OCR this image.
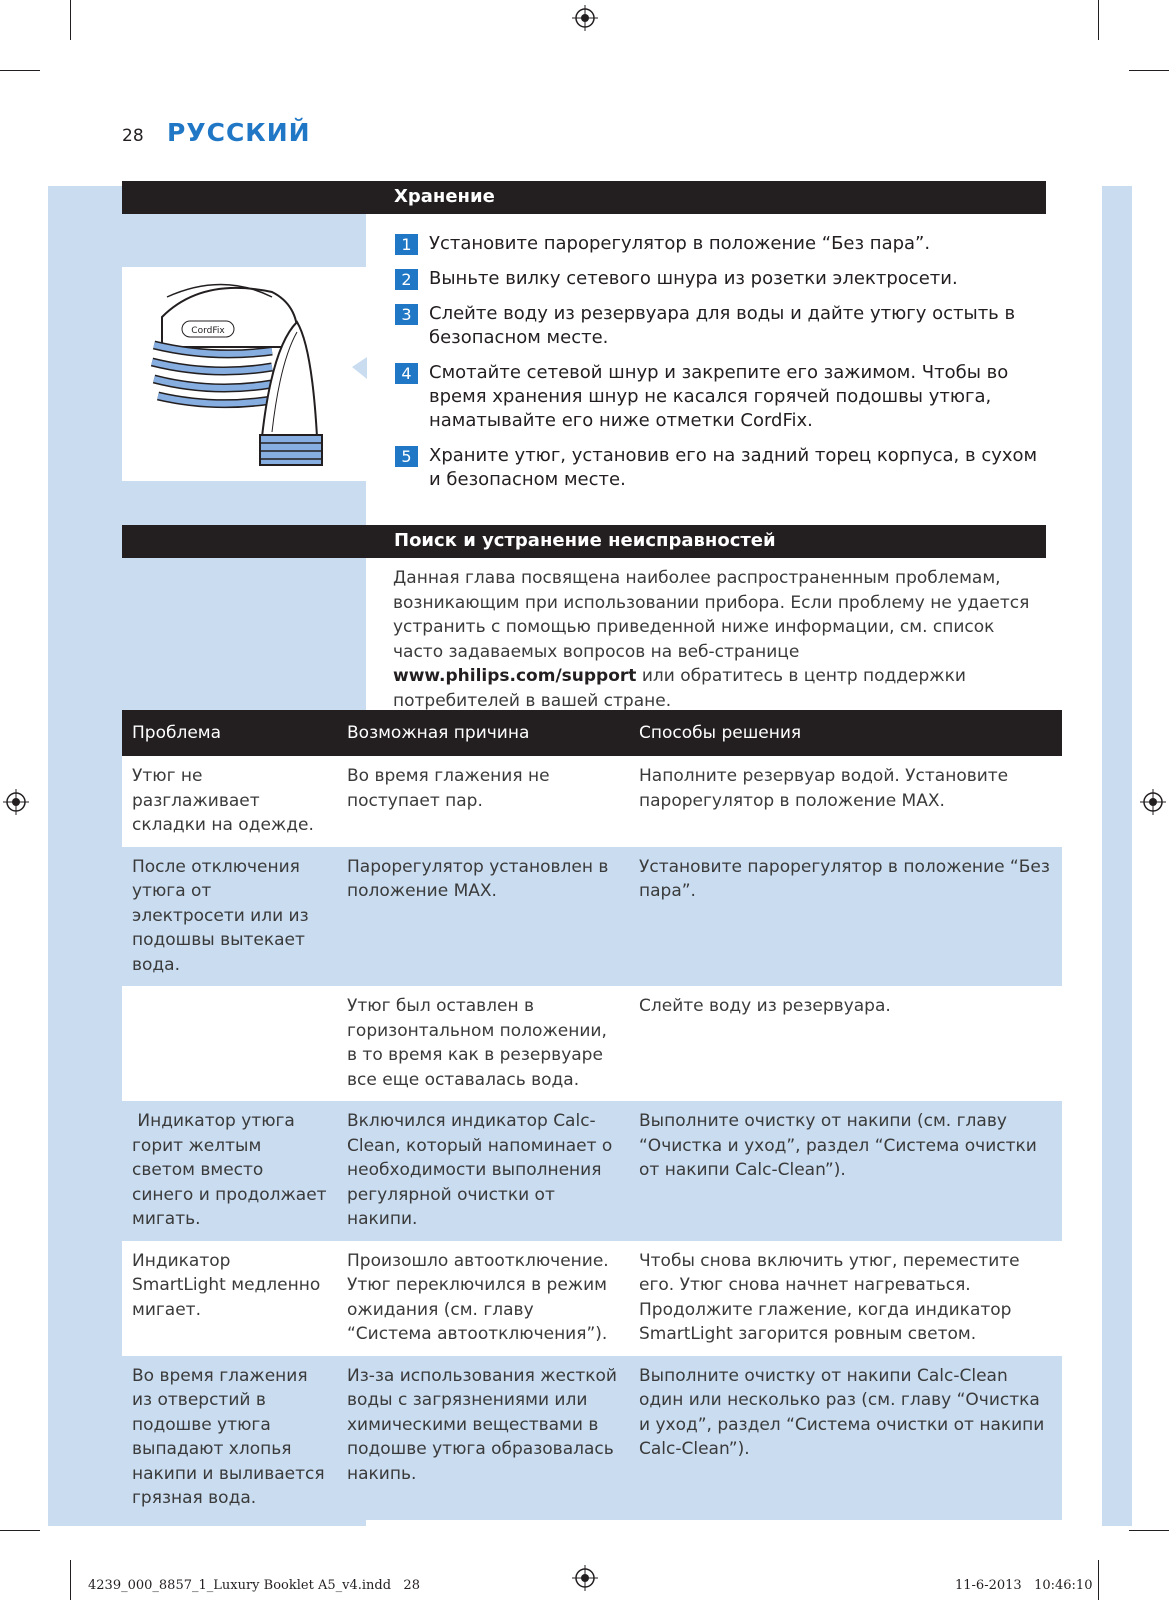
28 РУССКИЙ
Хранение
CordFix
1 Установите парорегулятор в положение “Без пара”.
2 Выньте вилку сетевого шнура из розетки электросети.
3 Слейте воду из резервуара для воды и дайте утюгу остыть в безопасном месте.
4 Смотайте сетевой шнур и закрепите его зажимом. Чтобы во время хранения шнур не касался горячей подошвы утюга, наматывайте его ниже отметки CordFix.
5 Храните утюг, установив его на задний торец корпуса, в сухом и безопасном месте.
Поиск и устранение неисправностей
Данная глава посвящена наиболее распространенным проблемам, возникающим при использовании прибора. Если проблему не удается устранить с помощью приведенной ниже информации, см. список часто задаваемых вопросов на веб-странице www.philips.com/support или обратитесь в центр поддержки потребителей в вашей стране.
Проблема	Возможная причина	Способы решения
Утюг не разглаживает складки на одежде.	Во время глажения не поступает пар.	Наполните резервуар водой. Установите парорегулятор в положение MAX.
После отключения утюга от электросети или из подошвы вытекает вода.	Парорегулятор установлен в положение MAX.	Установите парорегулятор в положение “Без пара”.
	Утюг был оставлен в горизонтальном положении, в то время как в резервуаре все еще оставалась вода.	Слейте воду из резервуара.
Индикатор утюга горит желтым светом вместо синего и продолжает мигать.	Включился индикатор Calc-Clean, который напоминает о необходимости выполнения регулярной очистки от накипи.	Выполните очистку от накипи (см. главу “Очистка и уход”, раздел “Система очистки от накипи Calc-Clean”).
Индикатор SmartLight медленно мигает.	Произошло автоотключение. Утюг переключился в режим ожидания (см. главу “Система автоотключения”).	Чтобы снова включить утюг, переместите его. Утюг снова начнет нагреваться. Продолжите глажение, когда индикатор SmartLight загорится ровным светом.
Во время глажения из отверстий в подошве утюга выпадают хлопья накипи и выливается грязная вода.	Из-за использования жесткой воды с загрязнениями или химическими веществами в подошве утюга образовалась накипь.	Выполните очистку от накипи Calc-Clean один или несколько раз (см. главу “Очистка и уход”, раздел “Система очистки от накипи Calc-Clean”).
4239_000_8857_1_Luxury Booklet A5_v4.indd   28	11-6-2013   10:46:10
